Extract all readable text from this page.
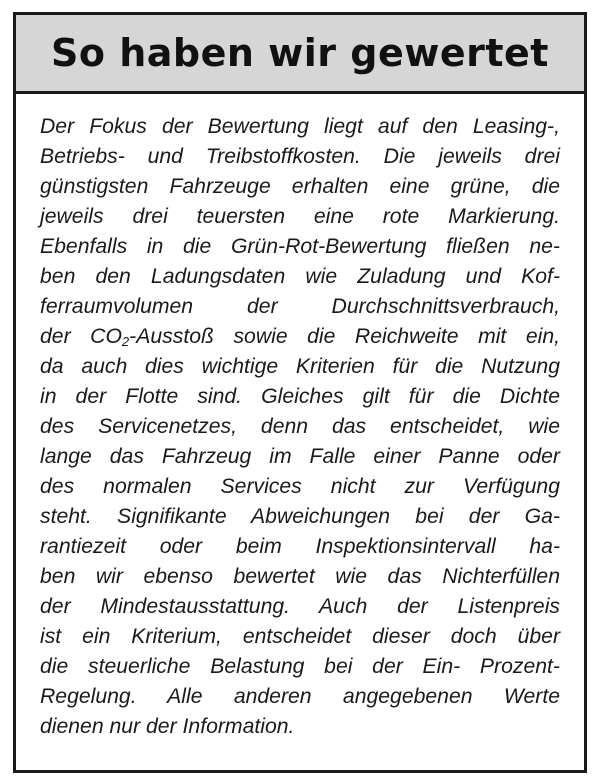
So haben wir gewertet
Der Fokus der Bewertung liegt auf den Leasing-,
Betriebs- und Treibstoffkosten. Die jeweils drei
günstigsten Fahrzeuge erhalten eine grüne, die
jeweils drei teuersten eine rote Markierung.
Ebenfalls in die Grün-Rot-Bewertung fließen ne-
ben den Ladungsdaten wie Zuladung und Kof-
ferraumvolumen der Durchschnittsverbrauch,
der $CO_2$-Ausstoß sowie die Reichweite mit ein,
da auch dies wichtige Kriterien für die Nutzung
in der Flotte sind. Gleiches gilt für die Dichte
des Servicenetzes, denn das entscheidet, wie
lange das Fahrzeug im Falle einer Panne oder
des normalen Services nicht zur Verfügung
steht. Signifikante Abweichungen bei der Ga-
rantiezeit oder beim Inspektionsintervall ha-
ben wir ebenso bewertet wie das Nichterfüllen
der Mindestausstattung. Auch der Listenpreis
ist ein Kriterium, entscheidet dieser doch über
die steuerliche Belastung bei der Ein- Prozent-
Regelung. Alle anderen angegebenen Werte
dienen nur der Information.
